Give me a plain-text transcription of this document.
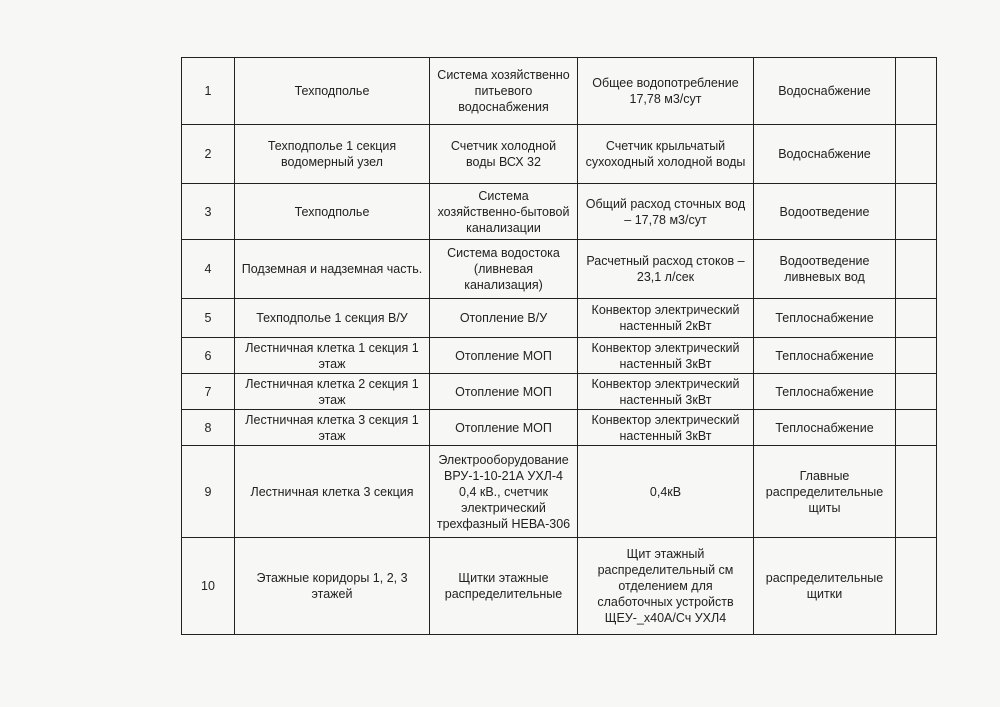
1	Техподполье	Система хозяйственно питьевого водоснабжения	Общее водопотребление 17,78 м3/сут	Водоснабжение	
2	Техподполье 1 секция водомерный узел	Счетчик холодной воды ВСХ 32	Счетчик крыльчатый сухоходный холодной воды	Водоснабжение	
3	Техподполье	Система хозяйственно-бытовой канализации	Общий расход сточных вод – 17,78 м3/сут	Водоотведение	
4	Подземная и надземная часть.	Система водостока (ливневая канализация)	Расчетный расход стоков – 23,1 л/сек	Водоотведение ливневых вод	
5	Техподполье 1 секция В/У	Отопление В/У	Конвектор электрический настенный 2кВт	Теплоснабжение	
6	Лестничная клетка 1 секция 1 этаж	Отопление МОП	Конвектор электрический настенный 3кВт	Теплоснабжение	
7	Лестничная клетка 2 секция 1 этаж	Отопление МОП	Конвектор электрический настенный 3кВт	Теплоснабжение	
8	Лестничная клетка 3 секция 1 этаж	Отопление МОП	Конвектор электрический настенный 3кВт	Теплоснабжение	
9	Лестничная клетка 3 секция	Электрооборудование ВРУ-1-10-21А УХЛ-4 0,4 кВ., счетчик электрический трехфазный НЕВА-306	0,4кВ	Главные распределительные щиты	
10	Этажные коридоры 1, 2, 3 этажей	Щитки этажные распределительные	Щит этажный распределительный см отделением для слаботочных устройств ЩЕУ-_х40А/Сч УХЛ4	распределительные щитки	
